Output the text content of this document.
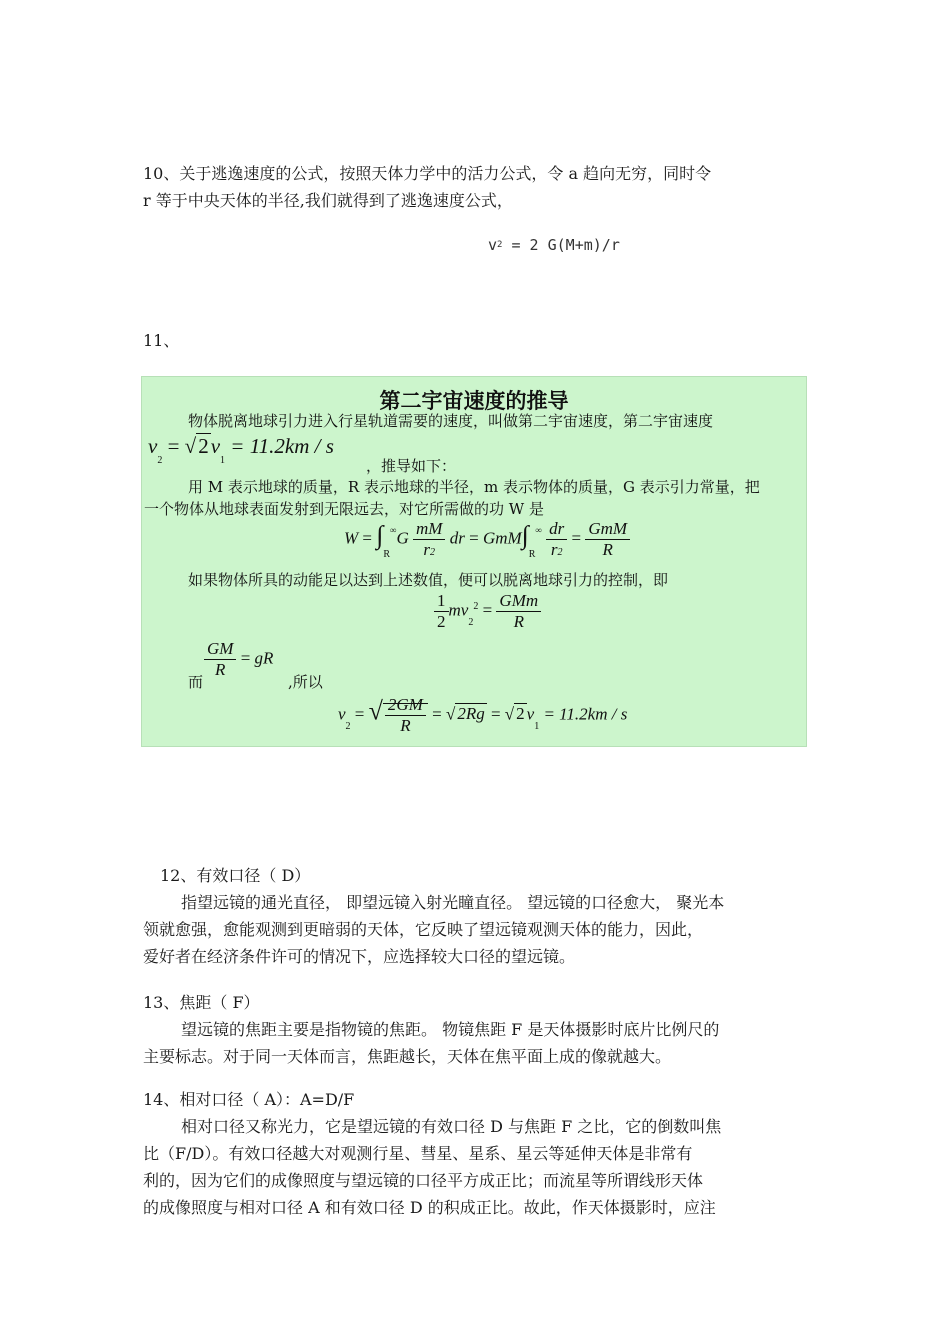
10、关于逃逸速度的公式，按照天体力学中的活力公式，令 a 趋向无穷，同时令
r 等于中央天体的半径,我们就得到了逃逸速度公式，
$v^2 = 2$ G(M+m)/r
11、
第二宇宙速度的推导
物体脱离地球引力进入行星轨道需要的速度，叫做第二宇宙速度，第二宇宙速度
$v_2 = √2v_1 = 11.2km / s$
，推导如下：
用 M 表示地球的质量，R 表示地球的半径，m 表示物体的质量，G 表示引力常量，把
一个物体从地球表面发射到无限远去，对它所需做的功 W 是
$W = \int_R^\infty G \frac{mM}{r2}$ dr = $GmM\int_R^\infty \frac{dr}{r2} = \frac{\text{GmM}}{R}$
如果物体所具的动能足以达到上述数值，便可以脱离地球引力的控制，即
$\frac{1}{2} mv_2^2 = \frac{\text{GMm}}{R}$
$\frac{GM}{R}$ = gR
而	,所以
$v_2$ = √ $\frac{2GM}{R}$ = √ 2Rg = √ 2 $v_1 = 11.2km / s$
12、有效口径（ D）
指望远镜的通光直径， 即望远镜入射光瞳直径。 望远镜的口径愈大， 聚光本
领就愈强，愈能观测到更暗弱的天体，它反映了望远镜观测天体的能力，因此，
爱好者在经济条件许可的情况下，应选择较大口径的望远镜。
13、焦距（ F）
望远镜的焦距主要是指物镜的焦距。 物镜焦距 F 是天体摄影时底片比例尺的
主要标志。对于同一天体而言，焦距越长，天体在焦平面上成的像就越大。
14、相对口径（ A）：A=D/F
相对口径又称光力，它是望远镜的有效口径 D 与焦距 F 之比，它的倒数叫焦
比（F/D）。有效口径越大对观测行星、彗星、星系、星云等延伸天体是非常有
利的，因为它们的成像照度与望远镜的口径平方成正比；而流星等所谓线形天体
的成像照度与相对口径 A 和有效口径 D 的积成正比。故此，作天体摄影时，应注
